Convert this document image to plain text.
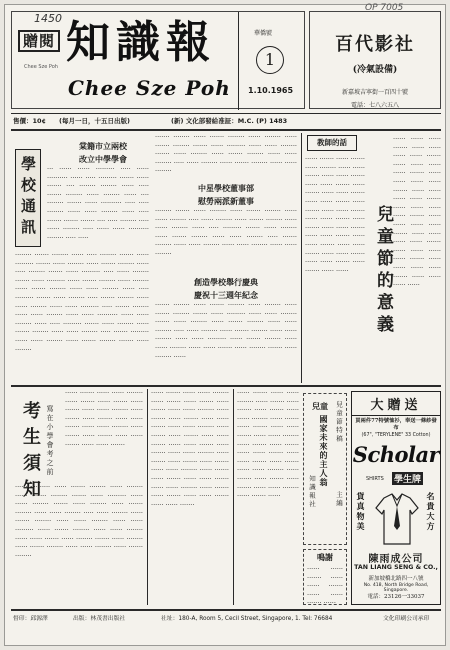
贈閱
1450 知識報
Chee Sze Poh
Chee Sze Poh
華僑號
1
1.10.1965
百代影社
(冷氣設備)
新嘉坡吉寧街一百四十號
電話：七八六五八
售價：10¢ (每月一日，十五日出版)	(新) 文化部發給准証：M.C. (P) 1483
學校通訊
棠籍市立兩校
改立中學學會
··· ······ ······ ········· ····· ······ ·········· ······ ····· ········· ······· ······ ······· ···· ········ ········ ······ ····· ······· ········ ······ ········ ······ ···· ········ ······· ······ ·········· ····· ····· ········ ······ ······ ········ ······ ····· ······· ······· ······· ···· ····· ········ ····· ······ ········ ····· ······ ······ ·········· ········ ····· ·····
········ ······· ········ ······ ····· ········ ······· ······ ········· ······· ······ ········ ······ ······· ········ ······ ····· ········ ······· ······ ········· ····· ······ ········ ······· ······ ········· ······ ······· ········ ······ ········ ······ ······· ········ ······ ······ ········ ······ ····· ········· ······· ······ ········ ····· ······· ········ ······ ······ ········ ······ ······ ········· ····· ······· ········ ······ ······ ········ ······ ······ ·········· ······ ······ ········ ······ ····· ········· ······· ······ ········ ······ ······· ········ ······ ······ ········ ····· ······· ········· ······ ······ ········ ······ ······· ········ ······· ······ ········
······· ········ ······ ······· ········ ······ ········ ······ ······· ········ ······· ······ ········· ······ ······ ········ ······· ······ ········ ······ ······· ········ ······ ······ ········ ····· ······ ········ ······ ······· ········ ······ ······ ········
中星學校董事部
慰勞兩派新董事
········ ······· ······ ········ ······ ······· ········ ······ ······ ········ ····· ······ ········ ······ ······· ········ ······ ······ ········ ······ ····· ········· ······· ······ ········ ······ ······· ········ ······ ······ ········ ····· ······· ········ ······ ······ ········ ······ ······ ········ ······ ······ ········
創造學校舉行慶典
慶祝十三週年紀念
······· ········ ······ ······· ········ ······ ········ ······ ······· ········ ······· ······ ········· ······ ······ ········ ······· ······ ········ ······ ······· ········ ······ ······ ········ ····· ······ ········ ······ ······· ········ ······ ······ ········ ······ ······ ········· ······ ······· ········ ······ ······ ········ ······ ······ ······· ······ ········ ······· ······ ········ ······
教師的話
······ ······· ······ ······· ······ ········ ······ ······ ······· ······ ······ ······· ······ ······ ······· ······ ······· ······ ······ ······· ······ ······ ······· ······ ······· ······ ······ ······· ······ ······ ······· ······ ······· ······ ······ ······· ······ ······ ······· ······ ······ ······· ······ ······ ······· ······ ······ ······· ······ ······ ······· ······ ······· ······ ······	兒童節的意義
······ ······ ······ ······· ······ ······ ······ ······ ······· ······ ······ ······ ······ ······· ······ ······ ······ ······ ······· ······ ······ ······ ······ ······· ······ ······ ······ ······ ······· ······ ······ ······ ······ ······· ······ ······ ······ ······ ······· ······ ······ ······ ······ ······· ······ ······ ······ ······ ······· ······ ······ ······ ······
考生須知 寫在小學會考之前
······ ······· ······ ······ ········ ······ ······· ······ ······· ······ ······· ······ ······ ········ ······ ······· ······ ······· ······ ······ ······· ······ ······ ········ ······ ······· ······ ······· ······ ······ ······· ······ ······ ·······
······· ········ ······ ······· ········ ······ ········ ······ ······· ········ ······· ······ ········· ······ ······ ········ ······· ······ ········ ······ ······· ········ ······ ······ ········ ····· ······ ········ ······ ······· ········ ······ ······ ········ ······ ······ ········· ······ ······· ········ ······ ······ ········ ······ ······ ······· ······ ········ ······· ······ ········ ······ ······· ········ ······ ······ ········ ······ ······· ········
······ ······· ······ ······ ········ ······ ······· ······ ······· ······ ······· ······ ······ ········ ······ ······· ······ ······· ······ ······ ······· ······ ······ ········ ······ ······· ······ ······· ······ ······ ······· ······ ······ ······· ······ ······· ······ ······ ········ ······ ······· ······ ······· ······ ······· ······ ······ ········ ······ ······· ······ ······· ······ ······ ······· ······ ······ ········ ······ ······· ······ ······· ······ ······ ······· ······ ······ ·······
······ ······· ······ ······ ········ ······ ······· ······ ······· ······ ······· ······ ······ ········ ······ ······· ······ ······· ······ ······ ······· ······ ······ ········ ······ ······· ······ ······· ······ ······ ······· ······ ······ ······· ······ ······· ······ ······ ········ ······ ······· ······ ······· ······ ······· ······ ······ ········ ······ ······· ······
兒童節特稿
兒童
國家未來的主人翁
知識報社	主編
鳴謝
······ ······ ······· ······ ······ ······· ······ ······ ······· ······
大贈送
買兩件77特號恤衫，奉送一條紗發布
(67", "TERYLENE" 33 Cotton)
Scholar
SHIRTS 學生牌
貨真物美	名貴大方
陳雨成公司
TAN LIANG SENG & CO.,
新加坡橋北路四一八號
No. 418, North Bridge Road, Singapore.
電話：23126一33037
督印：邱源澤	出版：林茂書出版社	社址：180-A, Room 5, Cecil Street, Singapore, 1. Tel: 76684	文化印刷公司承印
OP 7005
